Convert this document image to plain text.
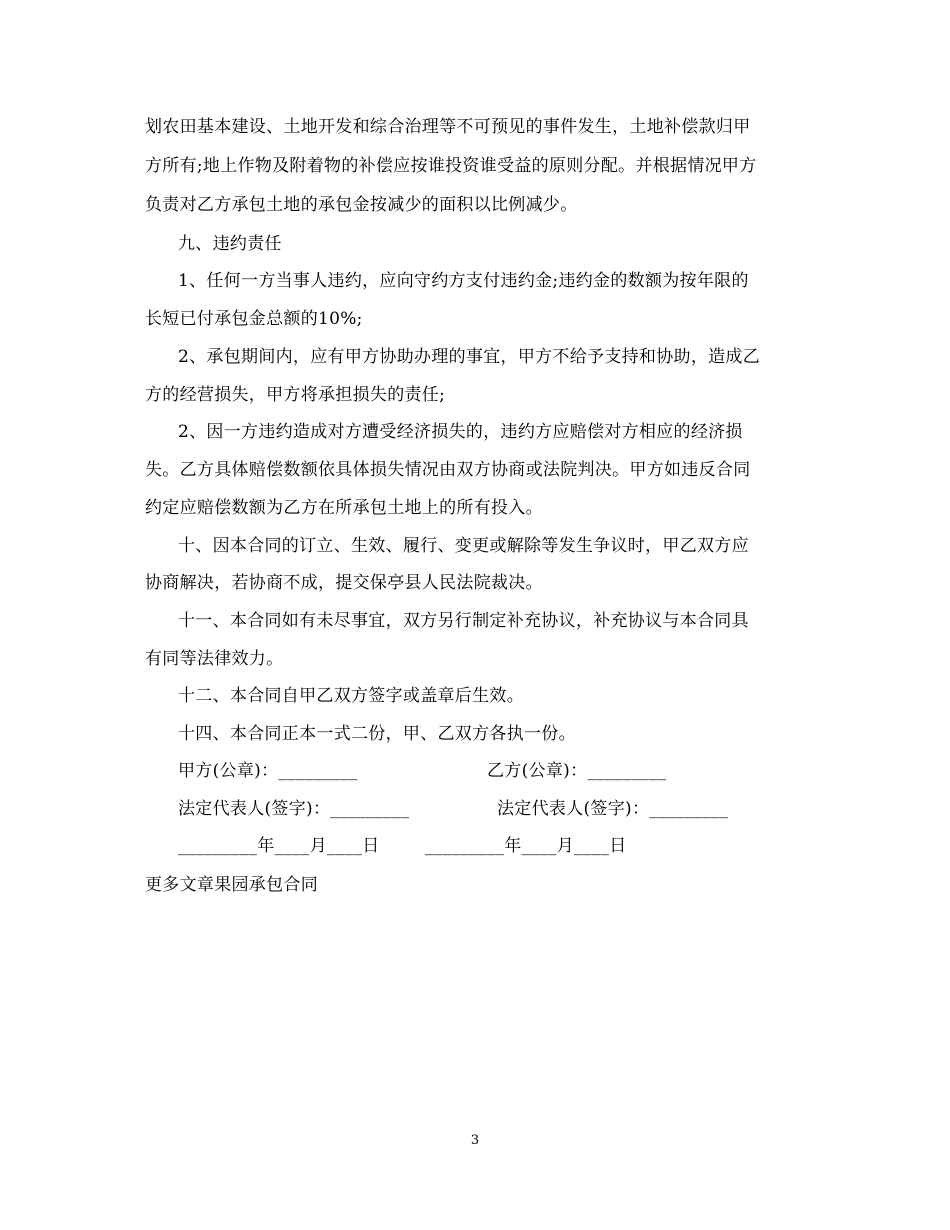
划农田基本建设、土地开发和综合治理等不可预见的事件发生，土地补偿款归甲
方所有;地上作物及附着物的补偿应按谁投资谁受益的原则分配。并根据情况甲方
负责对乙方承包土地的承包金按减少的面积以比例减少。
九、违约责任
1、任何一方当事人违约，应向守约方支付违约金;违约金的数额为按年限的
长短已付承包金总额的10%;
2、承包期间内，应有甲方协助办理的事宜，甲方不给予支持和协助，造成乙
方的经营损失，甲方将承担损失的责任;
2、因一方违约造成对方遭受经济损失的，违约方应赔偿对方相应的经济损
失。乙方具体赔偿数额依具体损失情况由双方协商或法院判决。甲方如违反合同
约定应赔偿数额为乙方在所承包土地上的所有投入。
十、因本合同的订立、生效、履行、变更或解除等发生争议时，甲乙双方应
协商解决，若协商不成，提交保亭县人民法院裁决。
十一、本合同如有未尽事宜，双方另行制定补充协议，补充协议与本合同具
有同等法律效力。
十二、本合同自甲乙双方签字或盖章后生效。
十四、本合同正本一式二份，甲、乙双方各执一份。
甲方(公章)：_________	乙方(公章)：_________
法定代表人(签字)：_________	法定代表人(签字)：_________
_________年____月____日	_________年____月____日
更多文章果园承包合同
3
